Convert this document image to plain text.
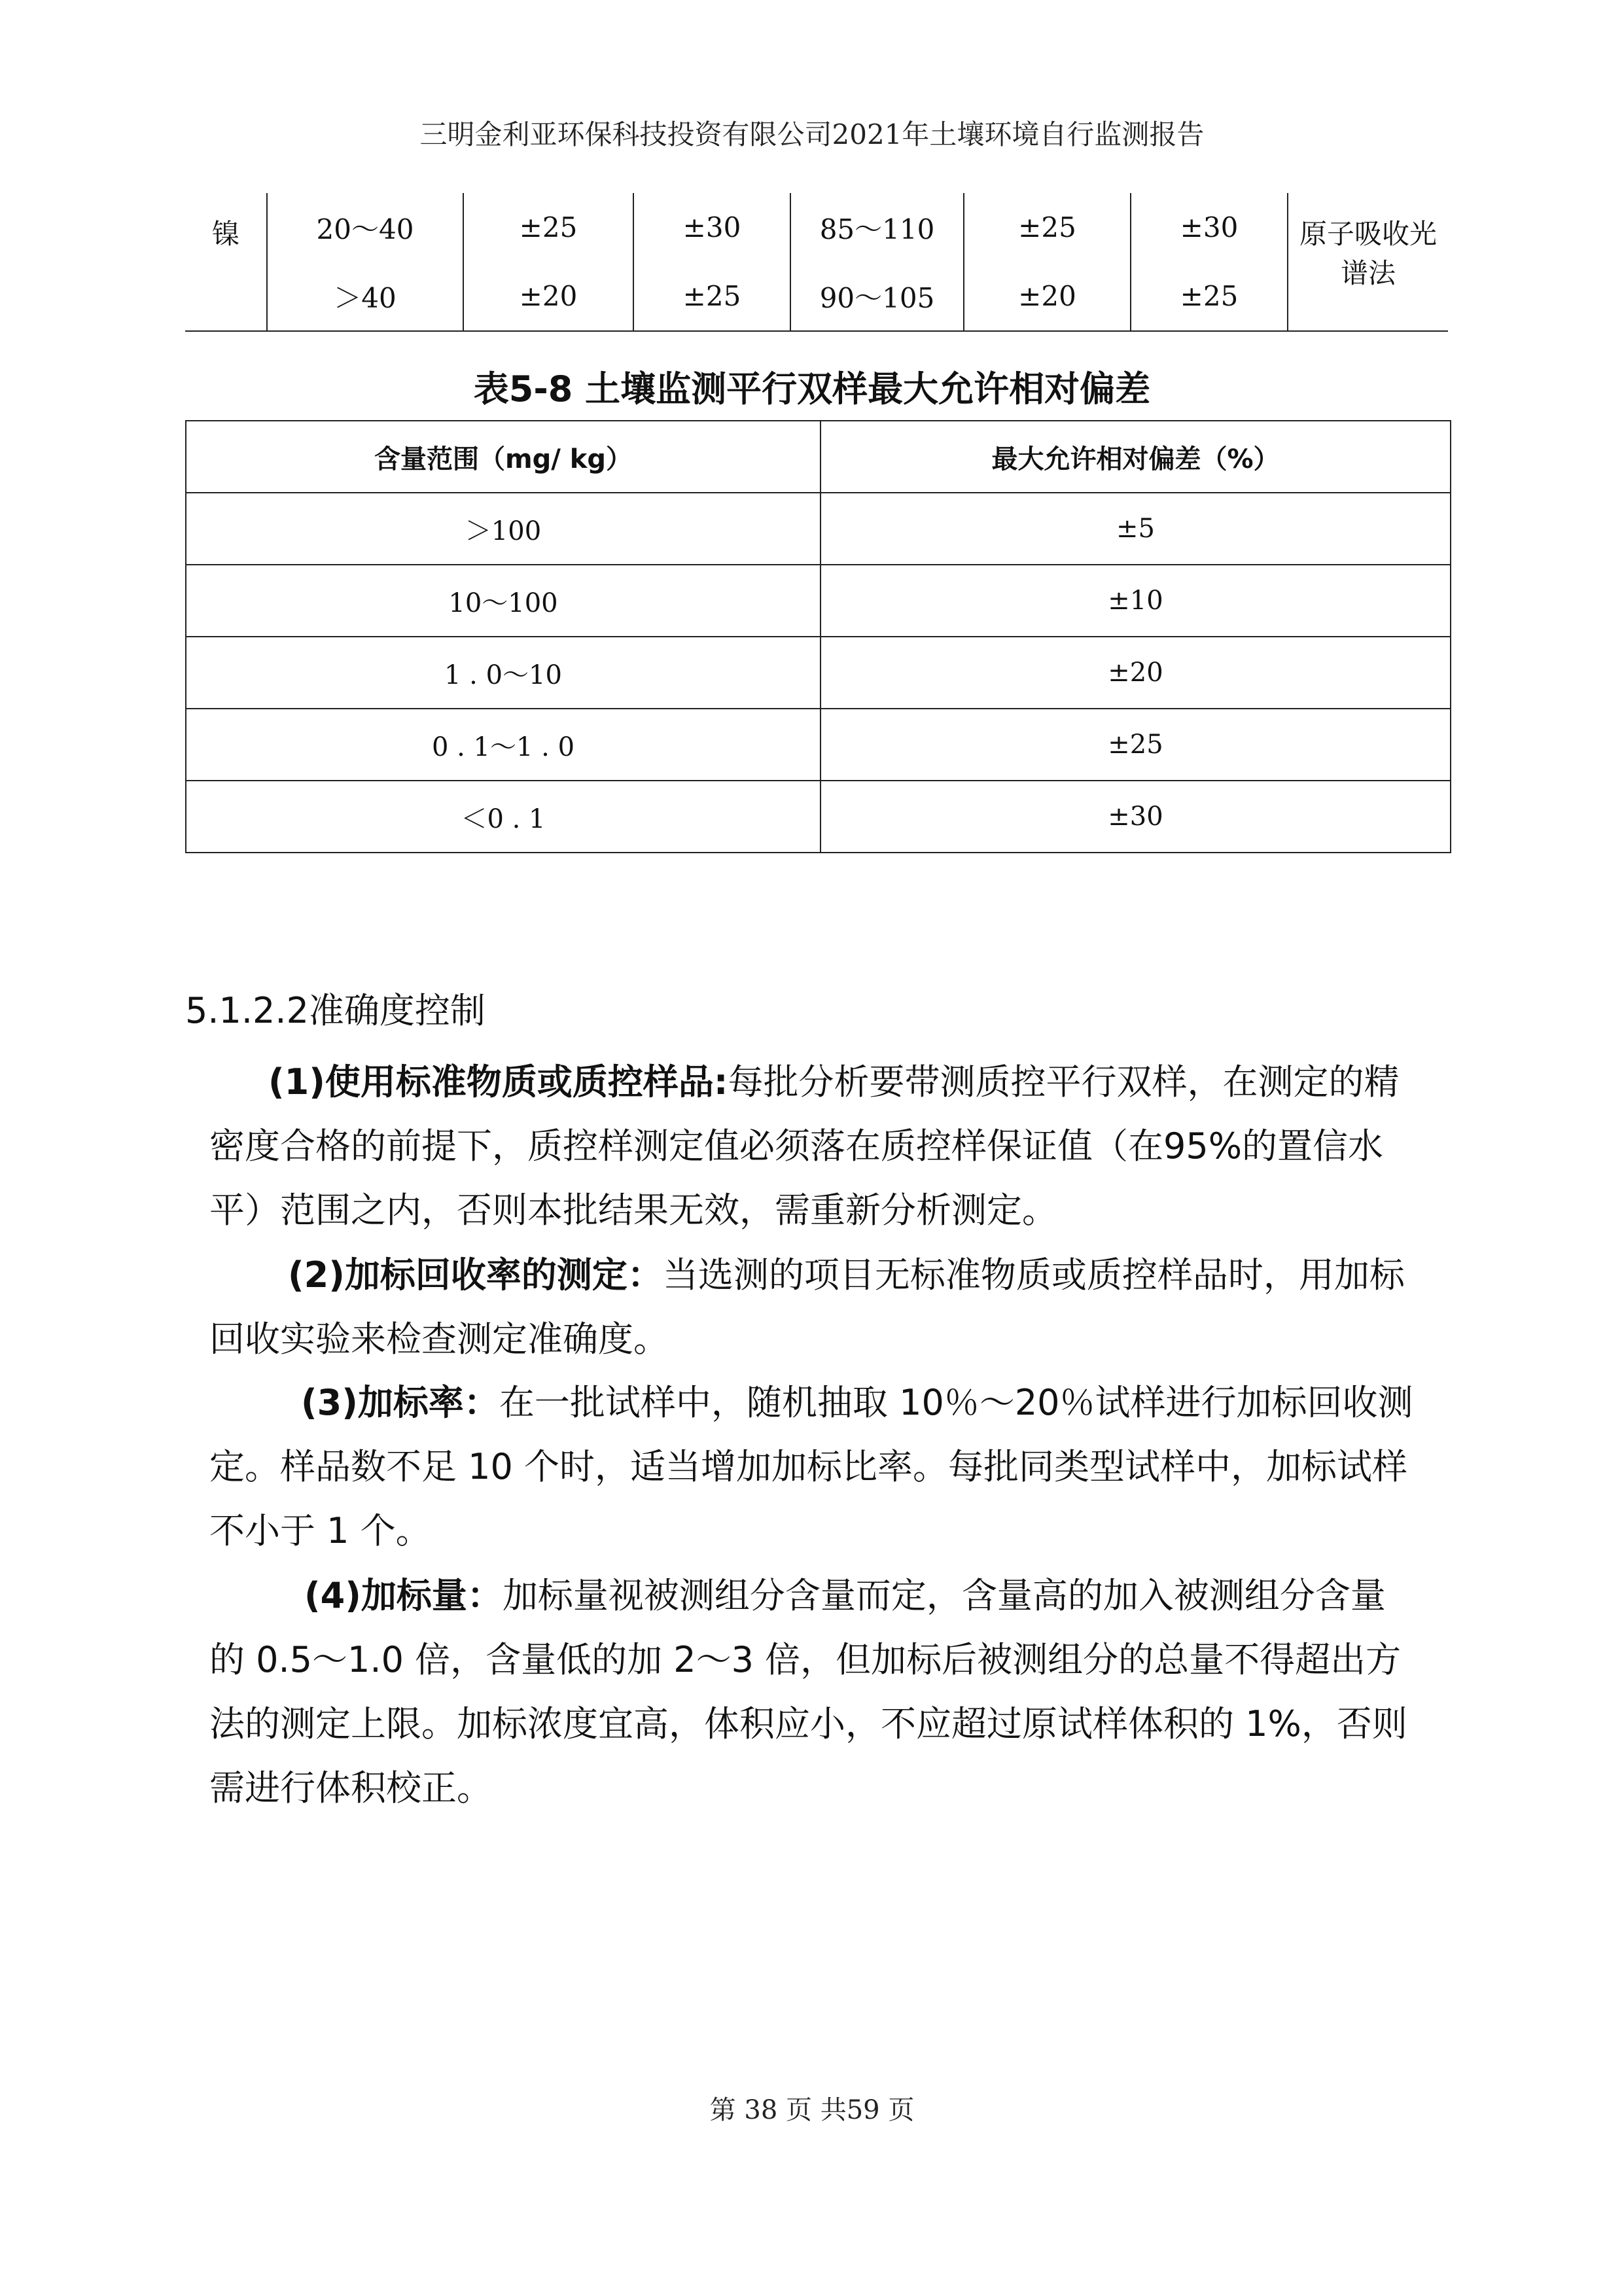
三明金利亚环保科技投资有限公司2021年土壤环境自行监测报告
镍	20～40	±25	±30	85～110	±25	±30	原子吸收光谱法
	＞40	±20	±25	90～105	±20	±25	
表5-8 土壤监测平行双样最大允许相对偏差
含量范围（mg/ kg）	最大允许相对偏差（%）
＞100	±5
10～100	±10
1 . 0～10	±20
0 . 1～1 . 0	±25
＜0 . 1	±30
5.1.2.2准确度控制
(1)使用标准物质或质控样品:每批分析要带测质控平行双样，在测定的精密度合格的前提下，质控样测定值必须落在质控样保证值（在95%的置信水平）范围之内，否则本批结果无效，需重新分析测定。
(2)加标回收率的测定：当选测的项目无标准物质或质控样品时，用加标回收实验来检查测定准确度。
(3)加标率：在一批试样中，随机抽取 10％～20％试样进行加标回收测定。样品数不足 10 个时，适当增加加标比率。每批同类型试样中，加标试样不小于 1 个。
(4)加标量：加标量视被测组分含量而定，含量高的加入被测组分含量的 0.5～1.0 倍，含量低的加 2～3 倍，但加标后被测组分的总量不得超出方法的测定上限。加标浓度宜高，体积应小，不应超过原试样体积的 1%，否则需进行体积校正。
第 38 页 共59 页
